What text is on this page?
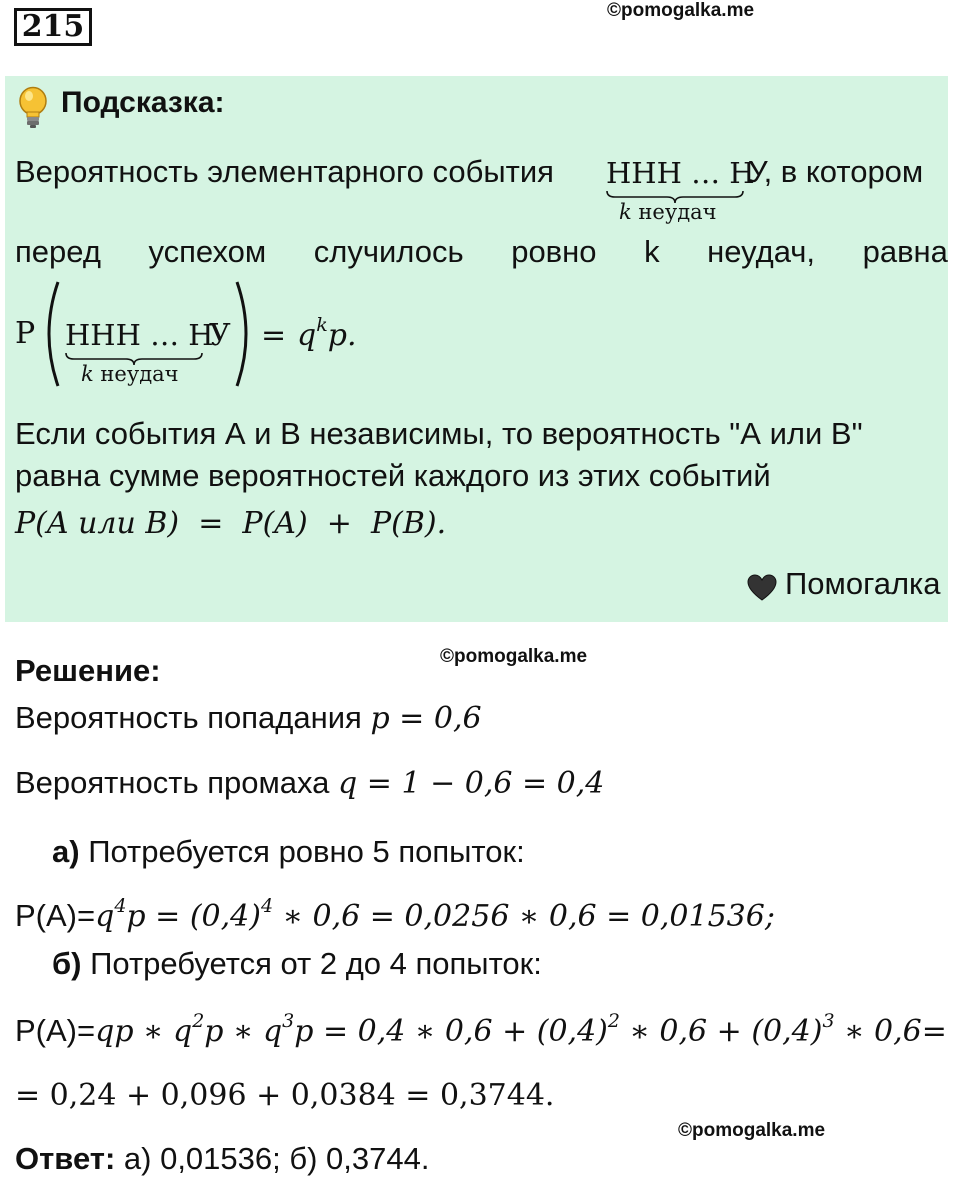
215	©pomogalka.me
Подсказка:
Вероятность элементарного события ННН … Н
k неудач
У, в котором
перед успехом случилось ровно k неудач, равна
P ННН … Н
k неудач
$У = q^kp$.
Если события А и В независимы, то вероятность "А или В"
равна сумме вероятностей каждого из этих событий
P(A или B)  =  P(A)  +  P(B).
Помогалка
©pomogalka.me
Решение:
Вероятность попадания p = 0,6
Вероятность промаха q = 1 − 0,6 = 0,4
а) Потребуется ровно 5 попыток:
$P(A)=q^4p = (0,4)^4$ ∗ 0,6 = 0,0256 ∗ 0,6 = 0,01536;
б) Потребуется от 2 до 4 попыток:
P(A)=qp ∗ $q^2p$ ∗ $q^3p = 0,4$ ∗ $0,6 + (0,4)^2$ ∗ $0,6 + (0,4)^3$ ∗ 0,6=
= 0,24 + 0,096 + 0,0384 = 0,3744.
©pomogalka.me
Ответ: а) 0,01536; б) 0,3744.
